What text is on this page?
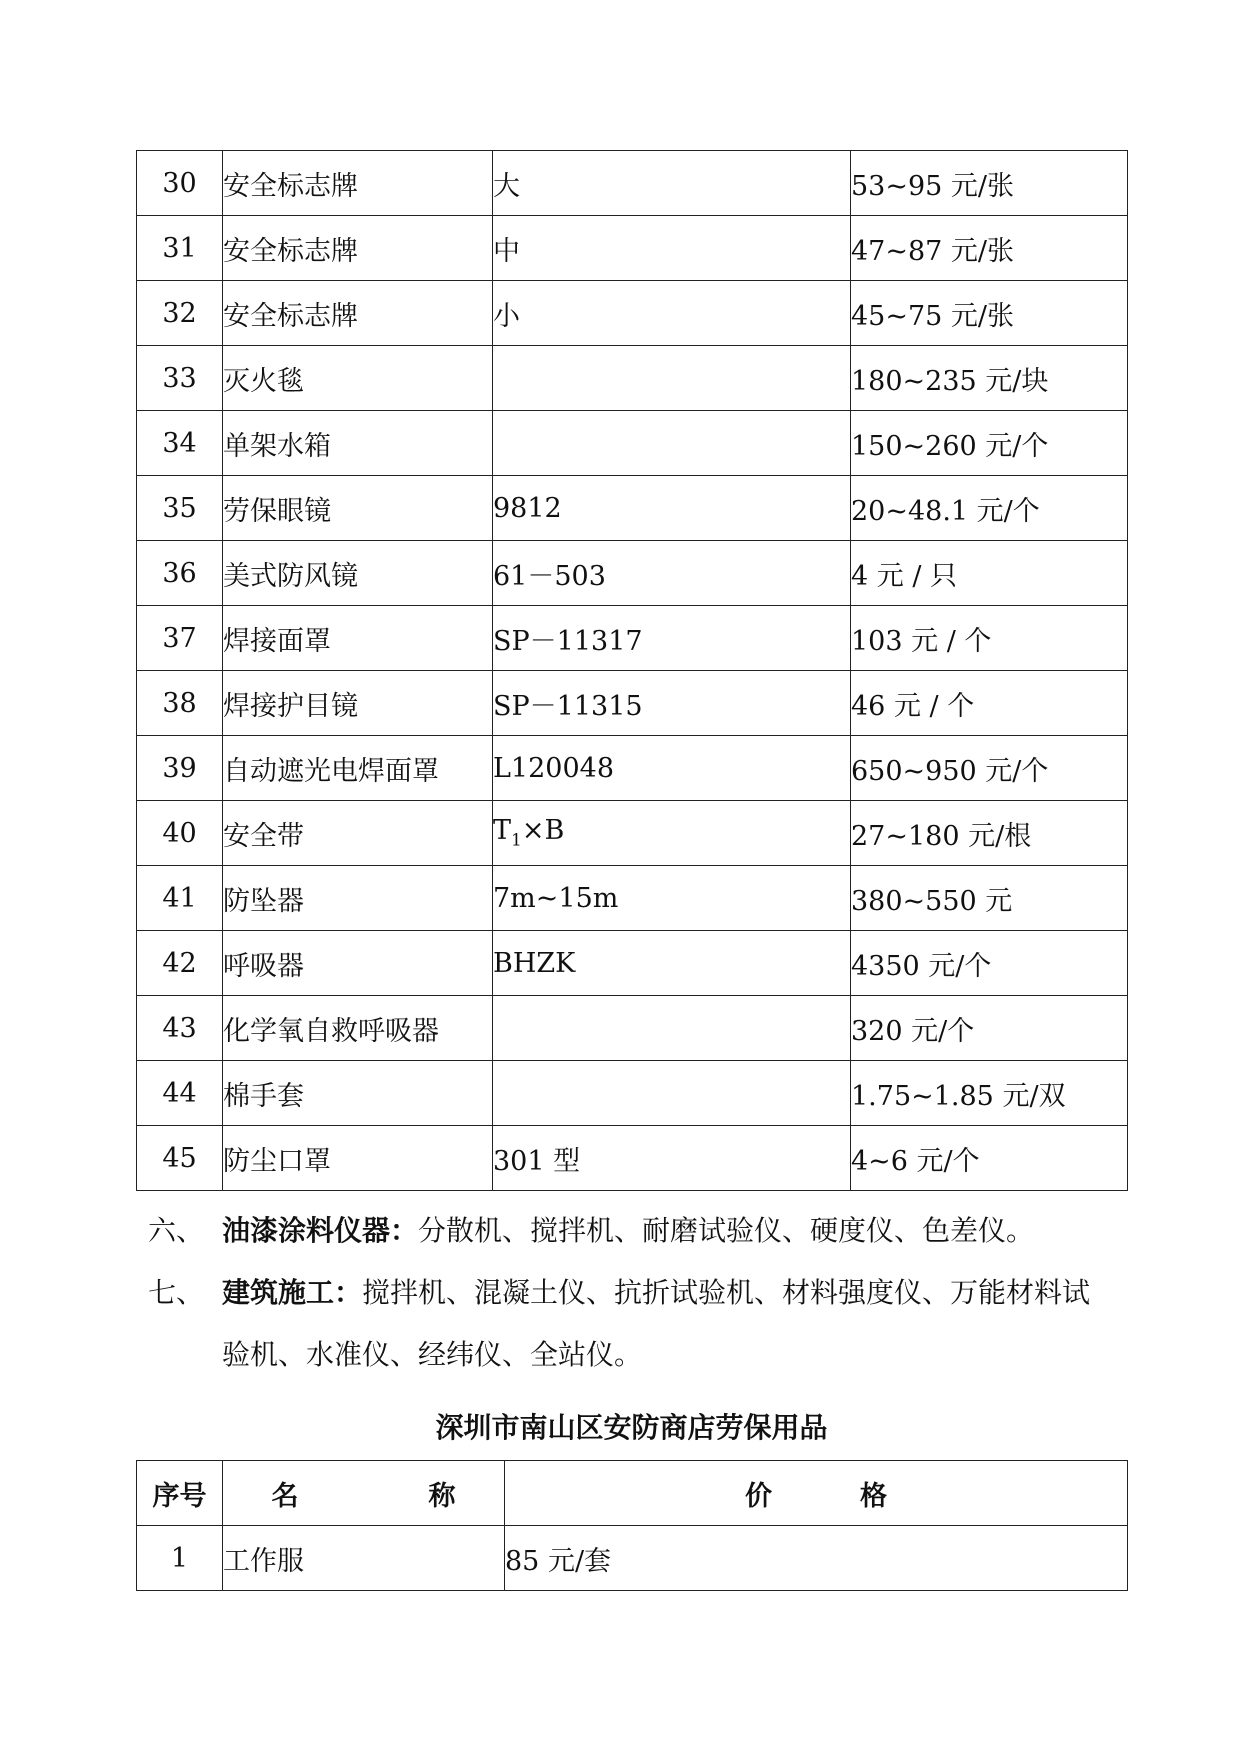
30	安全标志牌	大	53~95 元/张
31	安全标志牌	中	47~87 元/张
32	安全标志牌	小	45~75 元/张
33	灭火毯		180~235 元/块
34	单架水箱		150~260 元/个
35	劳保眼镜	9812	20~48.1 元/个
36	美式防风镜	61－503	4 元 / 只
37	焊接面罩	SP－11317	103 元 / 个
38	焊接护目镜	SP－11315	46 元 / 个
39	自动遮光电焊面罩	L120048	650~950 元/个
40	安全带	$T_1\times B$	27~180 元/根
41	防坠器	7m~15m	380~550 元
42	呼吸器	BHZK	4350 元/个
43	化学氧自救呼吸器		320 元/个
44	棉手套		1.75~1.85 元/双
45	防尘口罩	301 型	4~6 元/个
六、 油漆涂料仪器：分散机、搅拌机、耐磨试验仪、硬度仪、色差仪。
七、 建筑施工：搅拌机、混凝土仪、抗折试验机、材料强度仪、万能材料试
验机、水准仪、经纬仪、全站仪。
深圳市南山区安防商店劳保用品
序号	名 称	价 格
1	工作服	85 元/套
